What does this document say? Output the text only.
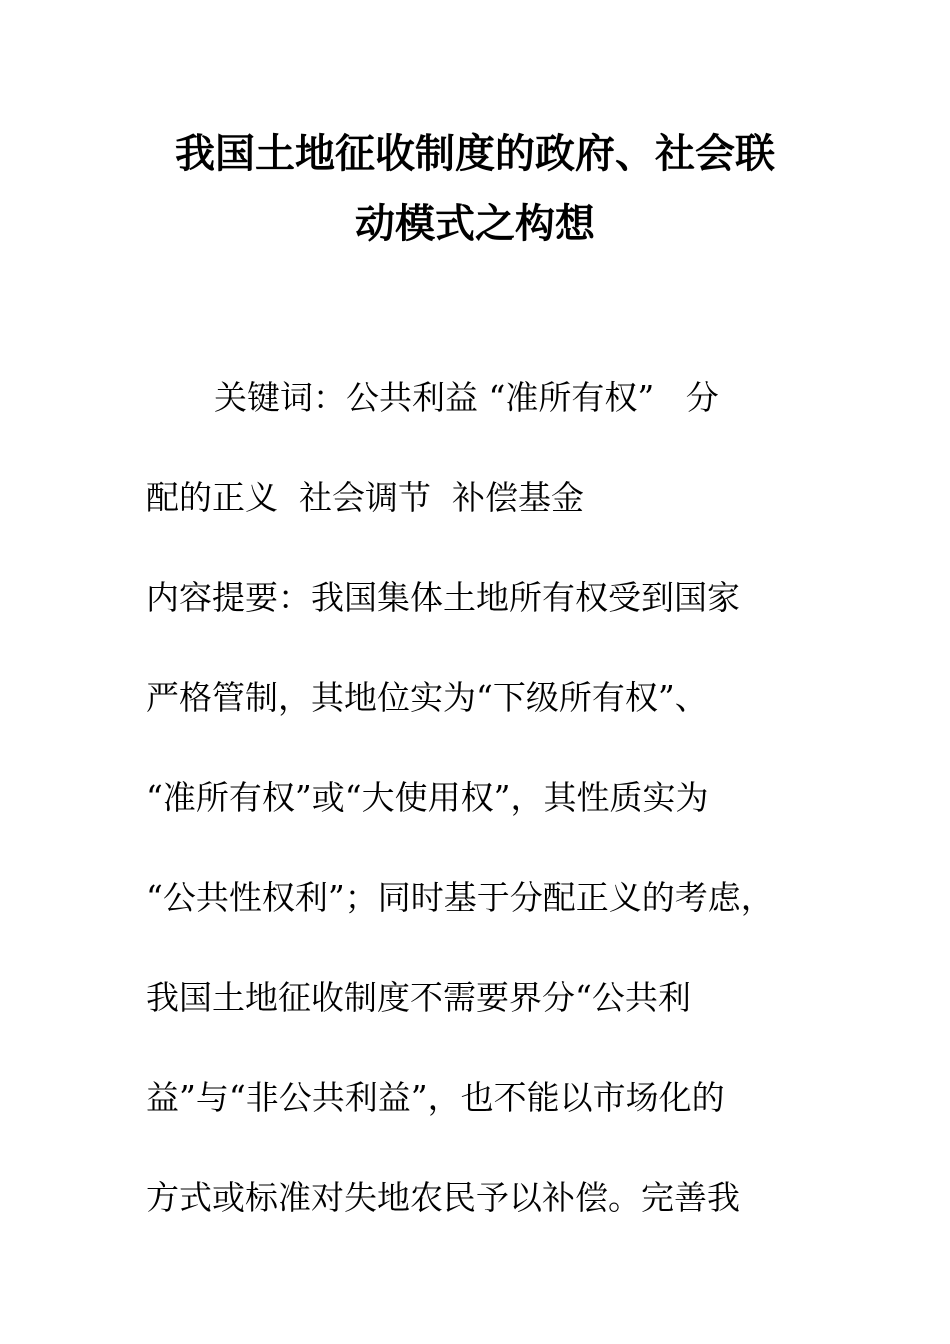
我国土地征收制度的政府、社会联
动模式之构想
关键词：公共利益 “准所有权”   分
配的正义  社会调节  补偿基金
内容提要：我国集体土地所有权受到国家
严格管制，其地位实为“下级所有权”、
“准所有权”或“大使用权”，其性质实为
“公共性权利”；同时基于分配正义的考虑，
我国土地征收制度不需要界分“公共利
益”与“非公共利益”，也不能以市场化的
方式或标准对失地农民予以补偿。完善我
